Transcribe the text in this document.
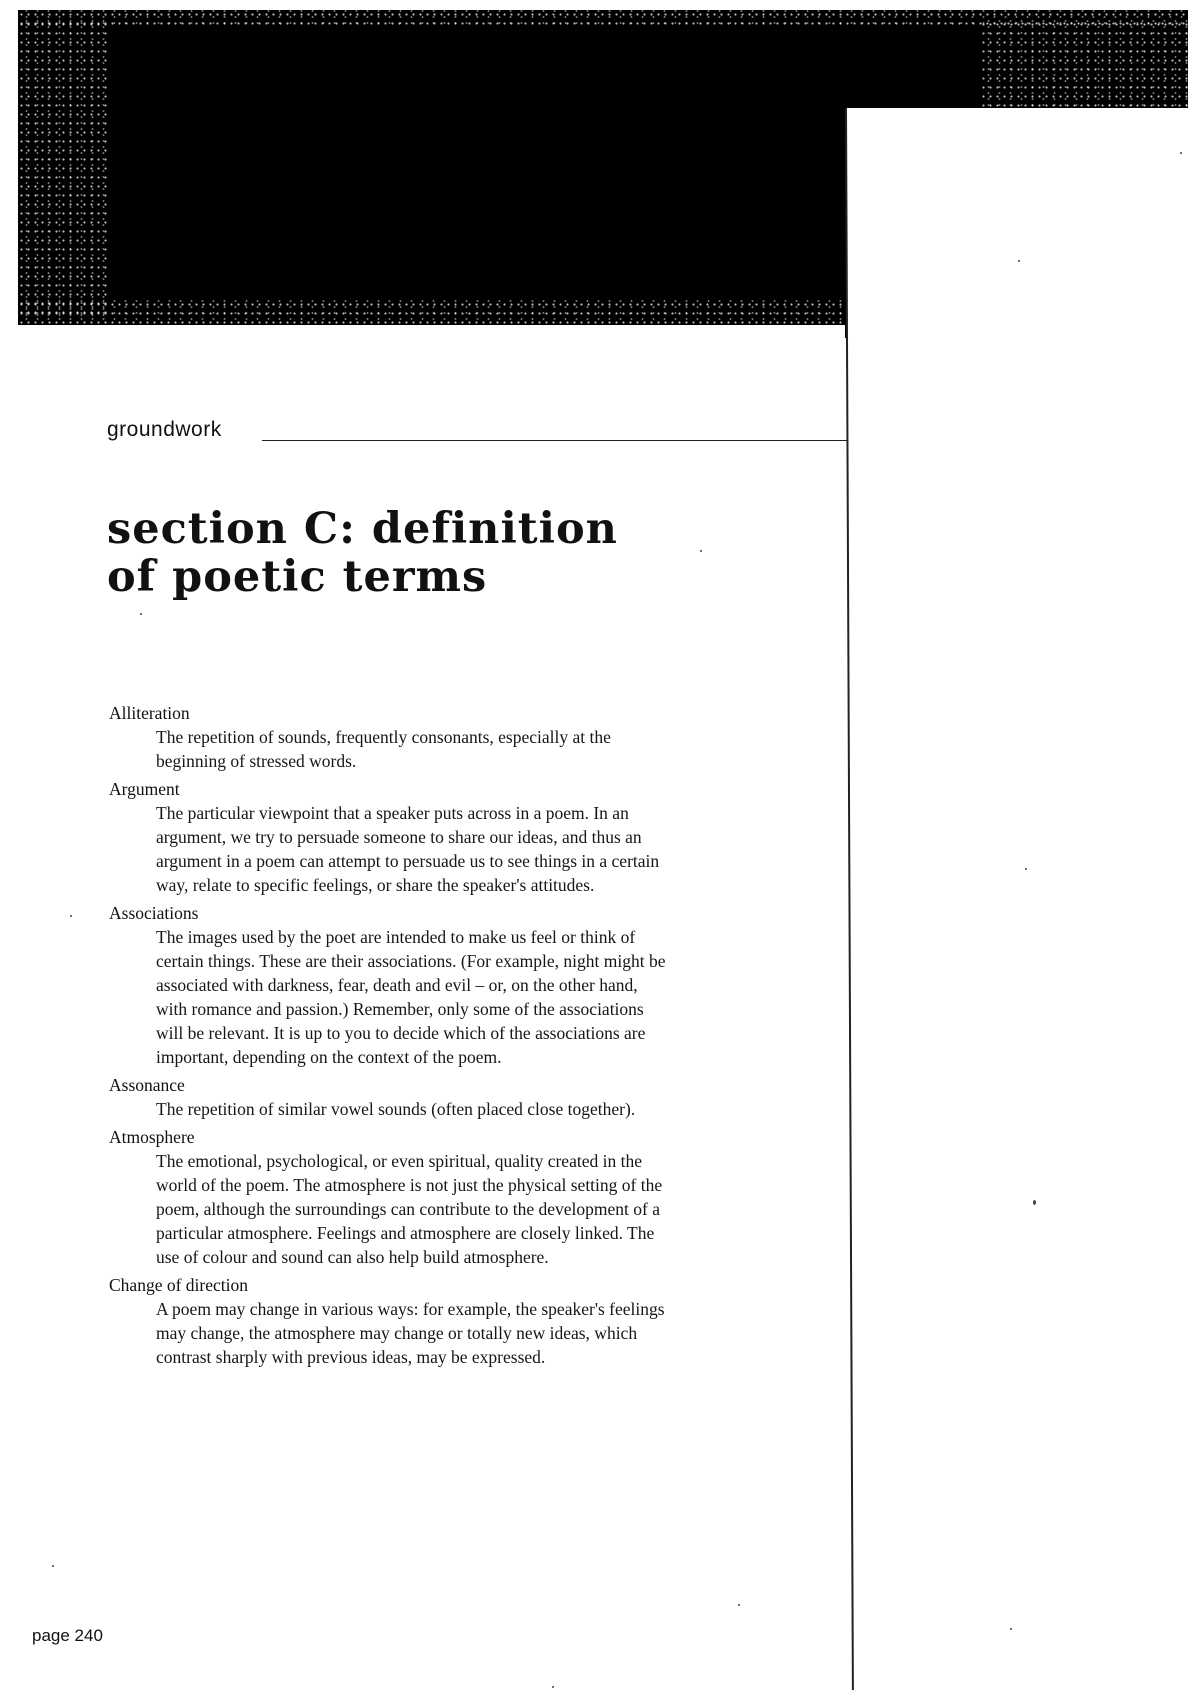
groundwork
section C: definition
of poetic terms
Alliteration

The repetition of sounds, frequently consonants, especially at the beginning of stressed words.

Argument

The particular viewpoint that a speaker puts across in a poem. In an argument, we try to persuade someone to share our ideas, and thus an argument in a poem can attempt to persuade us to see things in a certain way, relate to specific feelings, or share the speaker's attitudes.

Associations

The images used by the poet are intended to make us feel or think of certain things. These are their associations. (For example, night might be associated with darkness, fear, death and evil – or, on the other hand, with romance and passion.) Remember, only some of the associations will be relevant. It is up to you to decide which of the associations are important, depending on the context of the poem.

Assonance

The repetition of similar vowel sounds (often placed close together).

Atmosphere

The emotional, psychological, or even spiritual, quality created in the world of the poem. The atmosphere is not just the physical setting of the poem, although the surroundings can contribute to the development of a particular atmosphere. Feelings and atmosphere are closely linked. The use of colour and sound can also help build atmosphere.

Change of direction

A poem may change in various ways: for example, the speaker's feelings may change, the atmosphere may change or totally new ideas, which contrast sharply with previous ideas, may be expressed.

page 240
